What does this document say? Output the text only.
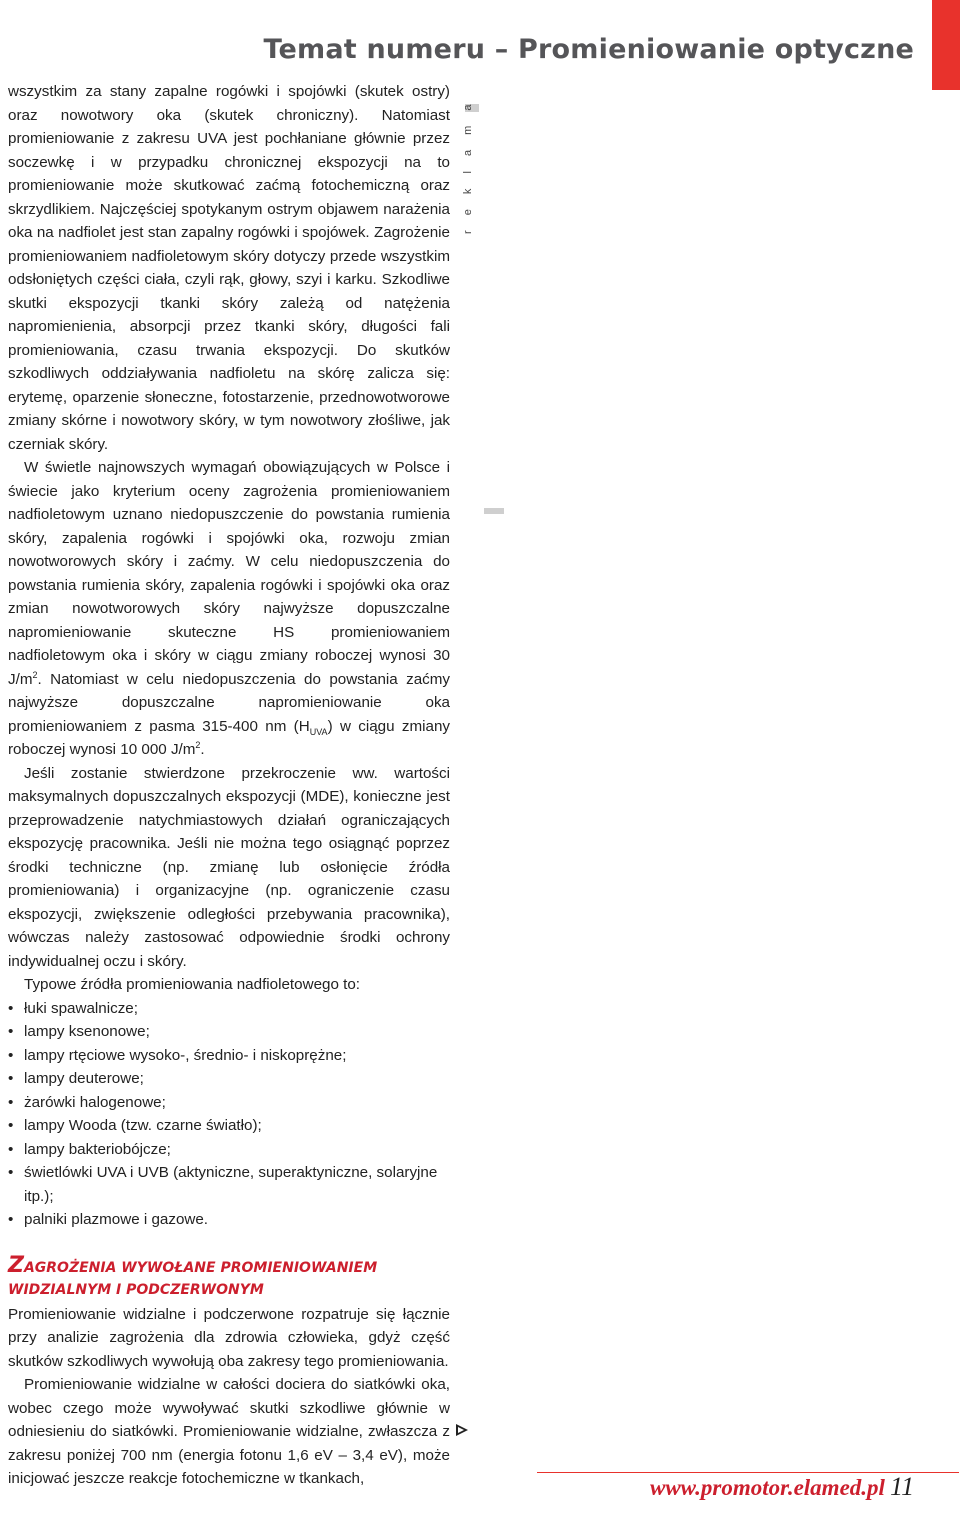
Temat numeru – Promieniowanie optyczne
r e k l a m a

wszystkim za stany zapalne rogówki i spojówki (skutek ostry) oraz nowotwory oka (skutek chroniczny). Natomiast promieniowanie z zakresu UVA jest pochłaniane głównie przez soczewkę i w przypadku chronicznej ekspozycji na to promieniowanie może skutkować zaćmą fotochemiczną oraz skrzydlikiem. Najczęściej spotykanym ostrym objawem narażenia oka na nadfiolet jest stan zapalny rogówki i spojówek. Zagrożenie promieniowaniem nadfioletowym skóry dotyczy przede wszystkim odsłoniętych części ciała, czyli rąk, głowy, szyi i karku. Szkodliwe skutki ekspozycji tkanki skóry zależą od natężenia napromienienia, absorpcji przez tkanki skóry, długości fali promieniowania, czasu trwania ekspozycji. Do skutków szkodliwych oddziaływania nadfioletu na skórę zalicza się: erytemę, oparzenie słoneczne, fotostarzenie, przednowotworowe zmiany skórne i nowotwory skóry, w tym nowotwory złośliwe, jak czerniak skóry.

W świetle najnowszych wymagań obowiązujących w Polsce i świecie jako kryterium oceny zagrożenia promieniowaniem nadfioletowym uznano niedopuszczenie do powstania rumienia skóry, zapalenia rogówki i spojówki oka, rozwoju zmian nowotworowych skóry i zaćmy. W celu niedopuszczenia do powstania rumienia skóry, zapalenia rogówki i spojówki oka oraz zmian nowotworowych skóry najwyższe dopuszczalne napromieniowanie skuteczne HS promieniowaniem nadfioletowym oka i skóry w ciągu zmiany roboczej wynosi 30 $J/m^2$. Natomiast w celu niedopuszczenia do powstania zaćmy najwyższe dopuszczalne napromieniowanie oka promieniowaniem z pasma 315-400 nm $(H_{UVA})$ w ciągu zmiany roboczej wynosi 10 000 $J/m^2$.

Jeśli zostanie stwierdzone przekroczenie ww. wartości maksymalnych dopuszczalnych ekspozycji (MDE), konieczne jest przeprowadzenie natychmiastowych działań ograniczających ekspozycję pracownika. Jeśli nie można tego osiągnąć poprzez środki techniczne (np. zmianę lub osłonięcie źródła promieniowania) i organizacyjne (np. ograniczenie czasu ekspozycji, zwiększenie odległości przebywania pracownika), wówczas należy zastosować odpowiednie środki ochrony indywidualnej oczu i skóry.

Typowe źródła promieniowania nadfioletowego to:

• łuki spawalnicze;
• lampy ksenonowe;
• lampy rtęciowe wysoko-, średnio- i niskoprężne;
• lampy deuterowe;
• żarówki halogenowe;
• lampy Wooda (tzw. czarne światło);
• lampy bakteriobójcze;
• świetlówki UVA i UVB (aktyniczne, superaktyniczne, solaryjne itp.);
• palniki plazmowe i gazowe.
ZAGROŻENIA WYWOŁANE PROMIENIOWANIEM WIDZIALNYM I PODCZERWONYM

Promieniowanie widzialne i podczerwone rozpatruje się łącznie przy analizie zagrożenia dla zdrowia człowieka, gdyż część skutków szkodliwych wywołują oba zakresy tego promieniowania.

Promieniowanie widzialne w całości dociera do siatkówki oka, wobec czego może wywoływać skutki szkodliwe głównie w odniesieniu do siatkówki. Promieniowanie widzialne, zwłaszcza z zakresu poniżej 700 nm (energia fotonu 1,6 eV – 3,4 eV), może inicjować jeszcze reakcje fotochemiczne w tkankach,	www.promotor.elamed.pl 11
